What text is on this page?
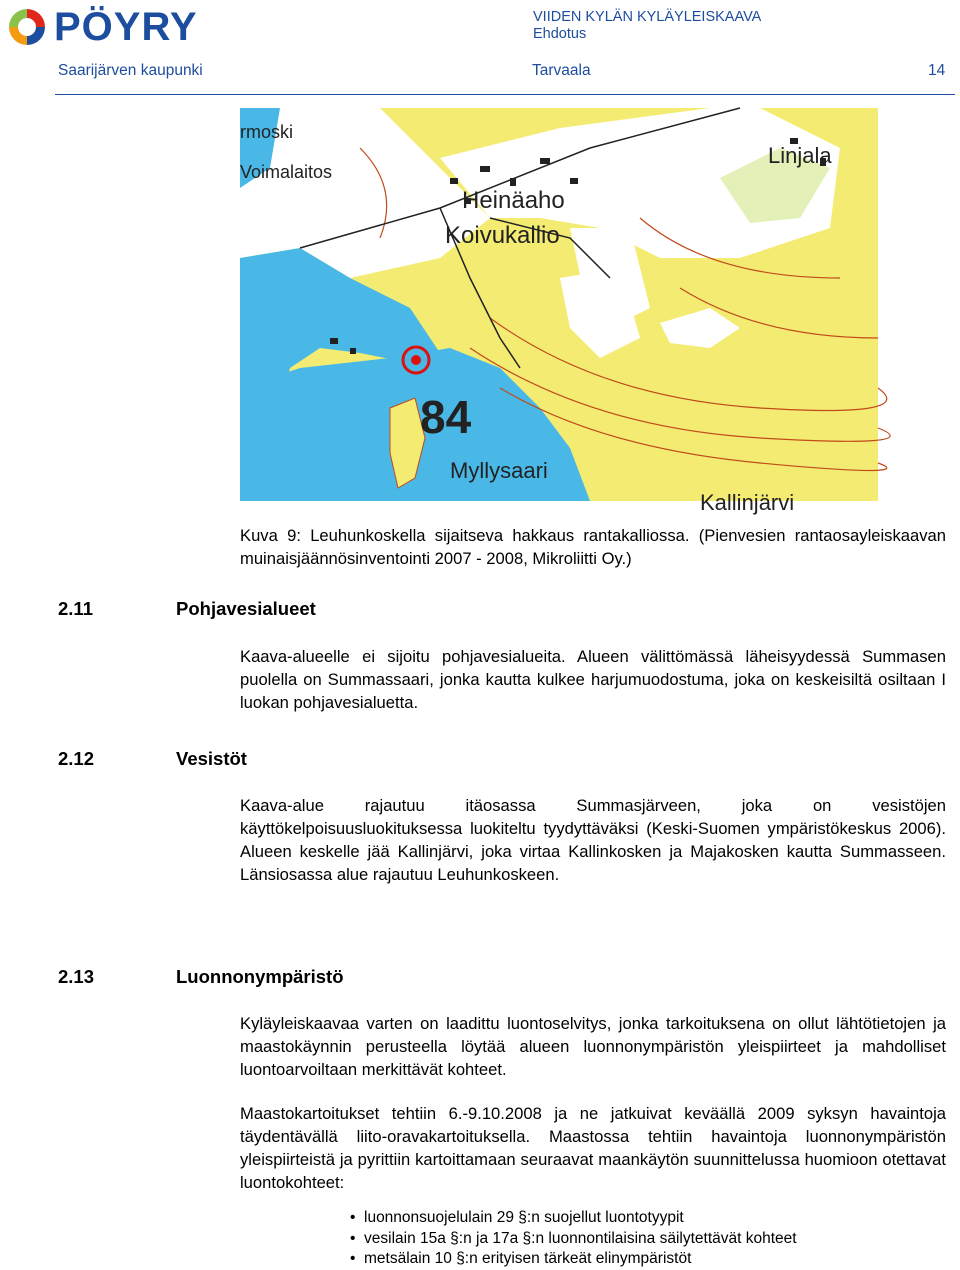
PÖYRY	VIIDEN KYLÄN KYLÄYLEISKAAVA
Ehdotus
Saarijärven kaupunki	Tarvaala	14
rmoski
Voimalaitos
Linjala
Heinäaho
Koivukallio
Myllysaari
84
Kallinjärvi
Kuva 9: Leuhunkoskella sijaitseva hakkaus rantakalliossa. (Pienvesien rantaosayleiskaavan muinaisjäännösinventointi 2007 - 2008, Mikroliitti Oy.)
2.11	Pohjavesialueet
Kaava-alueelle ei sijoitu pohjavesialueita. Alueen välittömässä läheisyydessä Summasen puolella on Summassaari, jonka kautta kulkee harjumuodostuma, joka on keskeisiltä osiltaan I luokan pohjavesialuetta.
2.12	Vesistöt
Kaava-alue rajautuu itäosassa Summasjärveen, joka on vesistöjen käyttökelpoisuusluokituksessa luokiteltu tyydyttäväksi (Keski-Suomen ympäristökeskus 2006). Alueen keskelle jää Kallinjärvi, joka virtaa Kallinkosken ja Majakosken kautta Summasseen. Länsiosassa alue rajautuu Leuhunkoskeen.
2.13	Luonnonympäristö
Kyläyleiskaavaa varten on laadittu luontoselvitys, jonka tarkoituksena on ollut lähtötietojen ja maastokäynnin perusteella löytää alueen luonnonympäristön yleispiirteet ja mahdolliset luontoarvoiltaan merkittävät kohteet.
Maastokartoitukset tehtiin 6.-9.10.2008 ja ne jatkuivat keväällä 2009 syksyn havaintoja täydentävällä liito-oravakartoituksella. Maastossa tehtiin havaintoja luonnonympäristön yleispiirteistä ja pyrittiin kartoittamaan seuraavat maankäytön suunnittelussa huomioon otettavat luontokohteet:
• luonnonsuojelulain 29 §:n suojellut luontotyypit
• vesilain 15a §:n ja 17a §:n luonnontilaisina säilytettävät kohteet
• metsälain 10 §:n erityisen tärkeät elinympäristöt
